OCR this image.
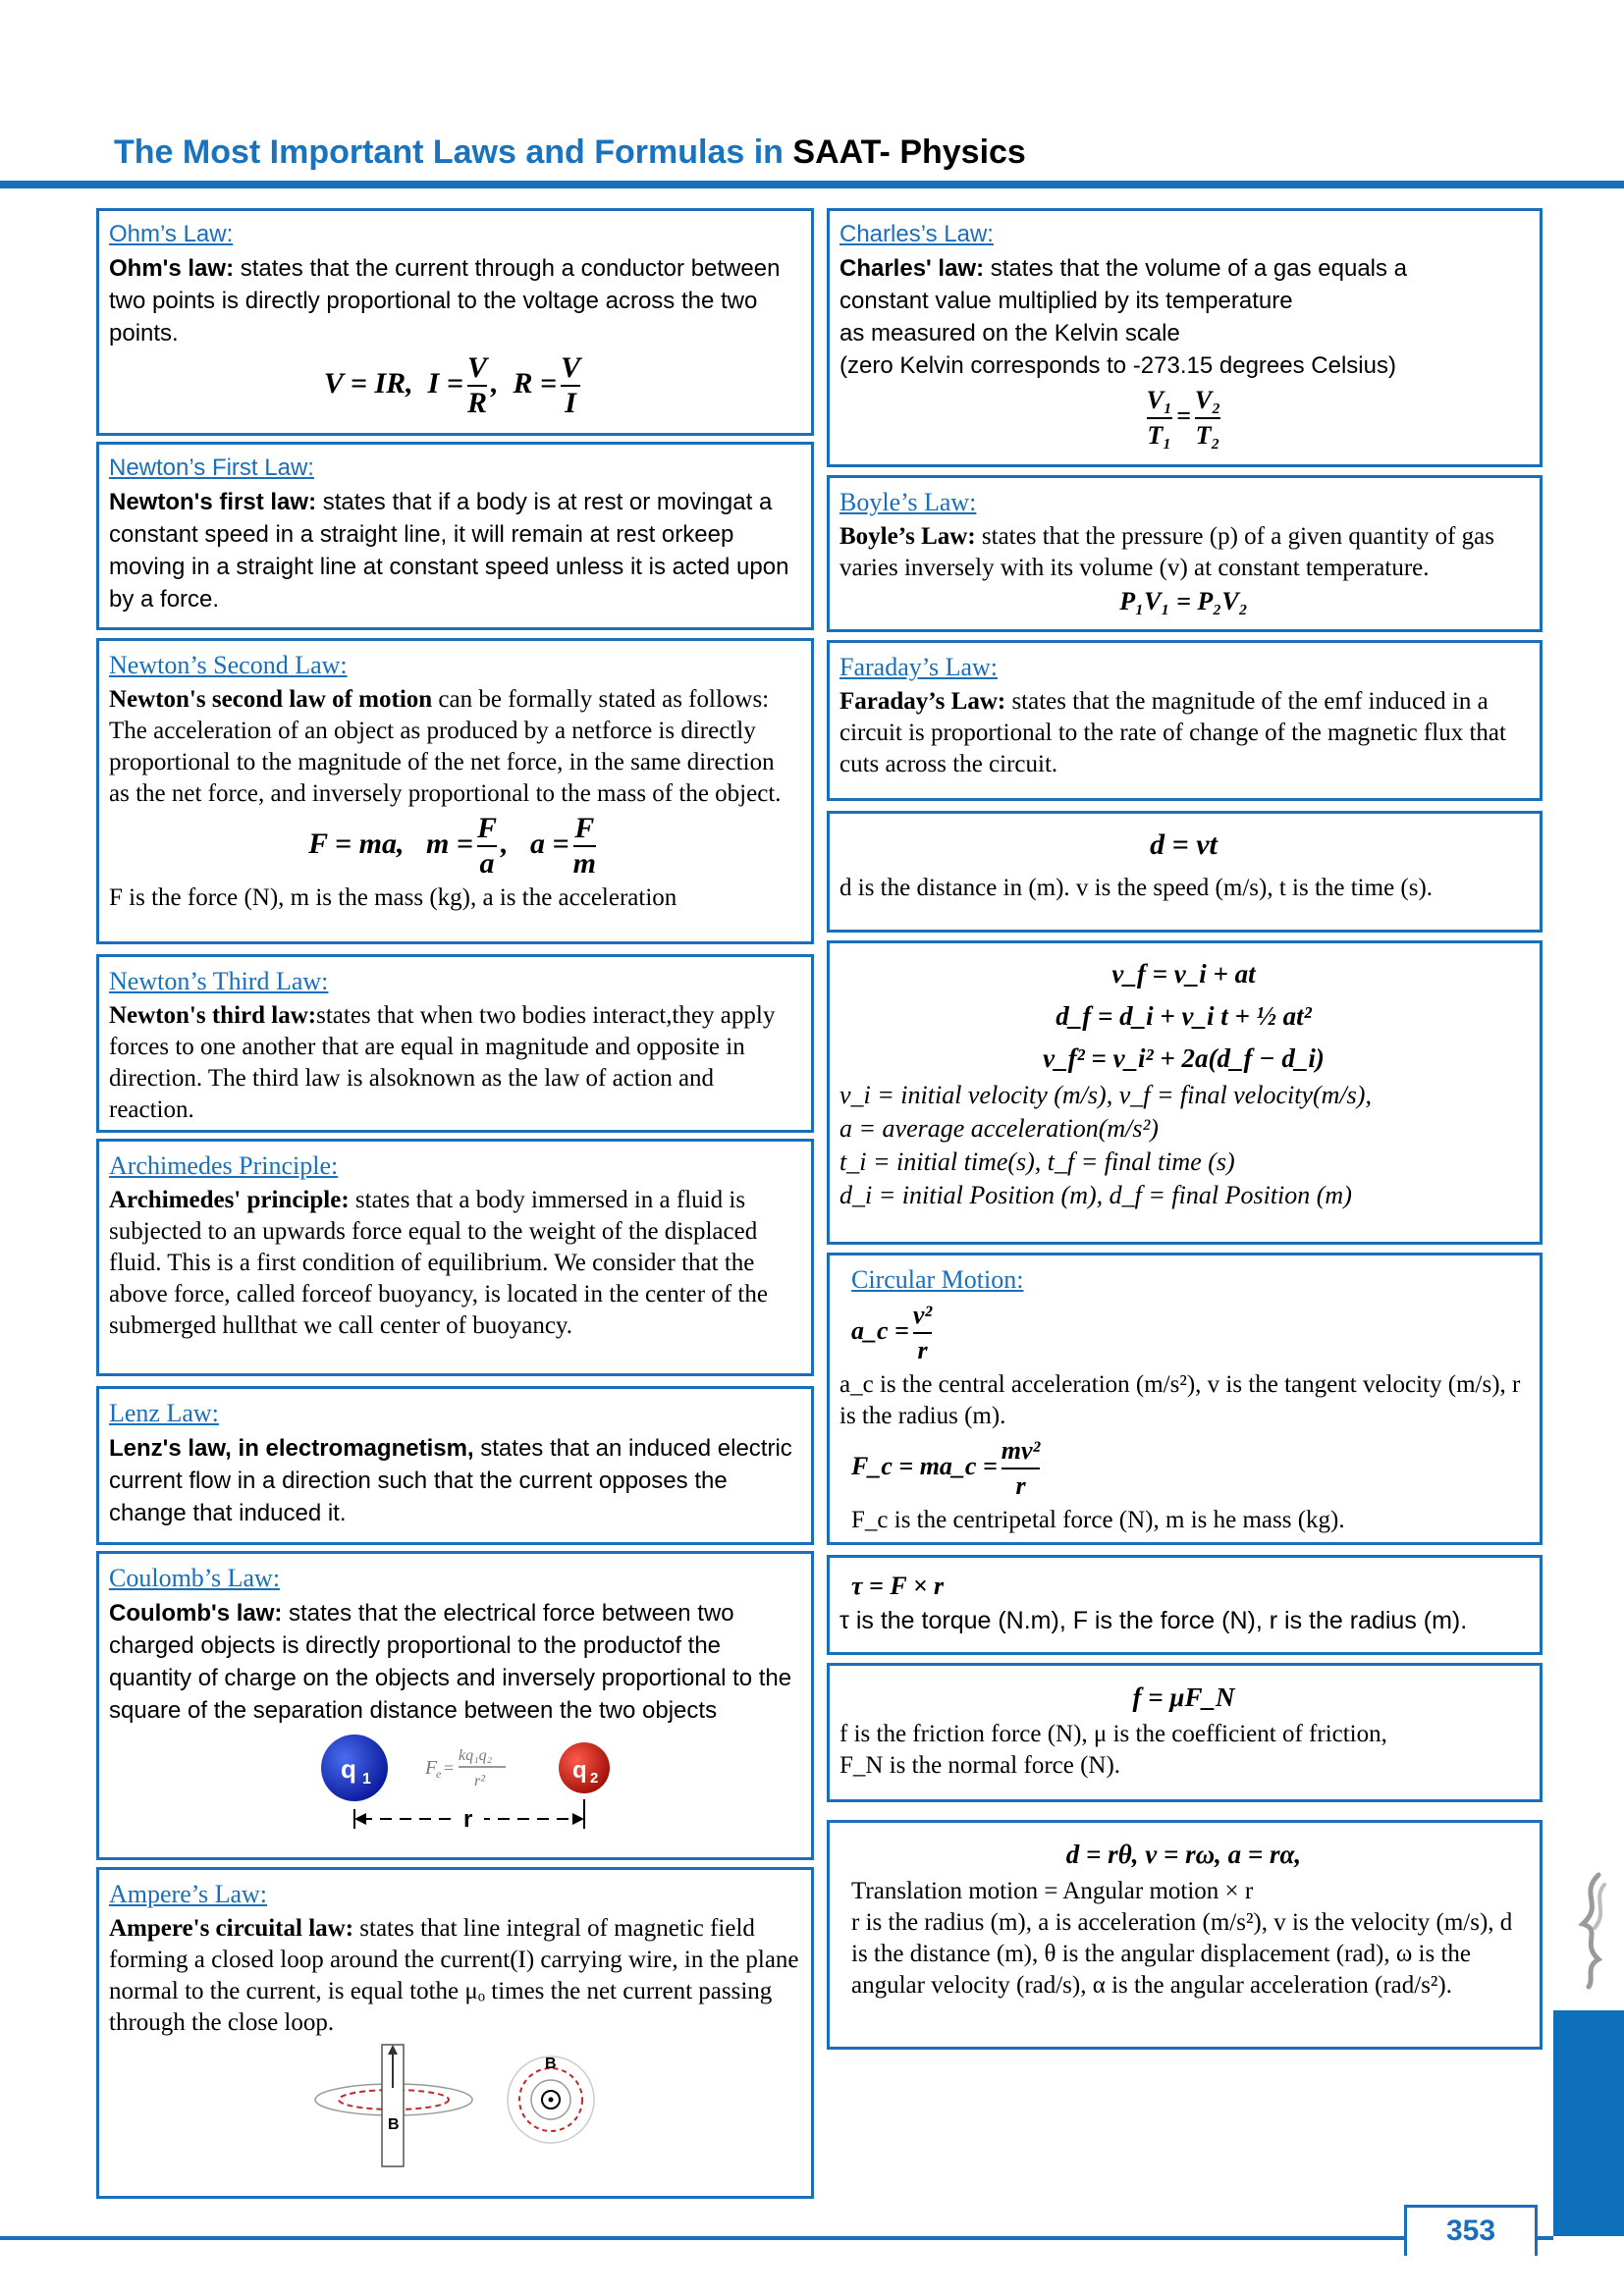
The Most Important Laws and Formulas in SAAT- Physics

Ohm’s Law:

Ohm's law: states that the current through a conductor between two points is directly proportional to the voltage across the two points.

V = IR, $I = \frac{V}{R}$ ,  $R = \frac{V}{I}$

Newton’s First Law:

Newton's first law: states that if a body is at rest or movingat a constant speed in a straight line, it will remain at rest orkeep moving in a straight line at constant speed unless it is acted upon by a force.

Newton’s Second Law:

Newton's second law of motion can be formally stated as follows: The acceleration of an object as produced by a netforce is directly proportional to the magnitude of the net force, in the same direction as the net force, and inversely proportional to the mass of the object.

F = ma, $m = \frac{F}{a}$ ,   $a = \frac{F}{m}$

F is the force (N), m is the mass (kg), a is the acceleration

Newton’s Third Law:

Newton's third law:states that when two bodies interact,they apply forces to one another that are equal in magnitude and opposite in direction. The third law is alsoknown as the law of action and reaction.

Archimedes Principle:

Archimedes' principle: states that a body immersed in a fluid is subjected to an upwards force equal to the weight of the displaced fluid. This is a first condition of equilibrium. We consider that the above force, called forceof buoyancy, is located in the center of the submerged hullthat we call center of buoyancy.

Lenz Law:

Lenz's law, in electromagnetism, states that an induced electric current flow in a direction such that the current opposes the change that induced it.

Coulomb’s Law:

Coulomb's law: states that the electrical force between two charged objects is directly proportional to the productof the quantity of charge on the objects and inversely proportional to the square of the separation distance between the two objects

q 1	q 2
F
e =
kq₁q₂
r²
r

Ampere’s Law:

Ampere's circuital law: states that line integral of magnetic field forming a closed loop around the current(I) carrying wire, in the plane normal to the current, is equal tothe μₒ times the net current passing through the close loop.

B
B

Charles’s Law:

Charles' law: states that the volume of a gas equals a
constant value multiplied by its temperature
as measured on the Kelvin scale
(zero Kelvin corresponds to -273.15 degrees Celsius)

$\frac{\text{V₁}}{\text{T₁}} = \frac{\text{V₂}}{\text{T₂}}$

Boyle’s Law:

Boyle’s Law: states that the pressure (p) of a given quantity of gas varies inversely with its volume (v) at constant temperature.

P₁V₁ = P₂V₂

Faraday’s Law:

Faraday’s Law: states that the magnitude of the emf induced in a circuit is proportional to the rate of change of the magnetic flux that cuts across the circuit.

d = vt

d is the distance in (m). v is the speed (m/s), t is the time (s).

v_f = v_i + at
d_f = d_i + v_i t + ½ at²
v_f² = v_i² + 2a(d_f − d_i)

v_i = initial velocity (m/s), v_f = final velocity(m/s),

a = average acceleration(m/s²)

t_i = initial time(s), t_f = final time (s)

d_i = initial Position (m), d_f = final Position (m)

Circular Motion:

a_c = $\frac{\text{v²}}{r}$

a_c is the central acceleration (m/s²), v is the tangent velocity (m/s), r is the radius (m).

F_c = ma_c = $\frac{\text{mv²}}{r}$

F_c is the centripetal force (N), m is he mass (kg).

τ = F × r

τ is the torque (N.m), F is the force (N), r is the radius (m).

f = μF_N

f is the friction force (N), μ is the coefficient of friction,

F_N is the normal force (N).

d = rθ, v = rω, a = rα,

Translation motion = Angular motion × r

r is the radius (m), a is acceleration (m/s²), v is the velocity (m/s), d is the distance (m), θ is the angular displacement (rad), ω is the angular velocity (rad/s), α is the angular acceleration (rad/s²).

353
